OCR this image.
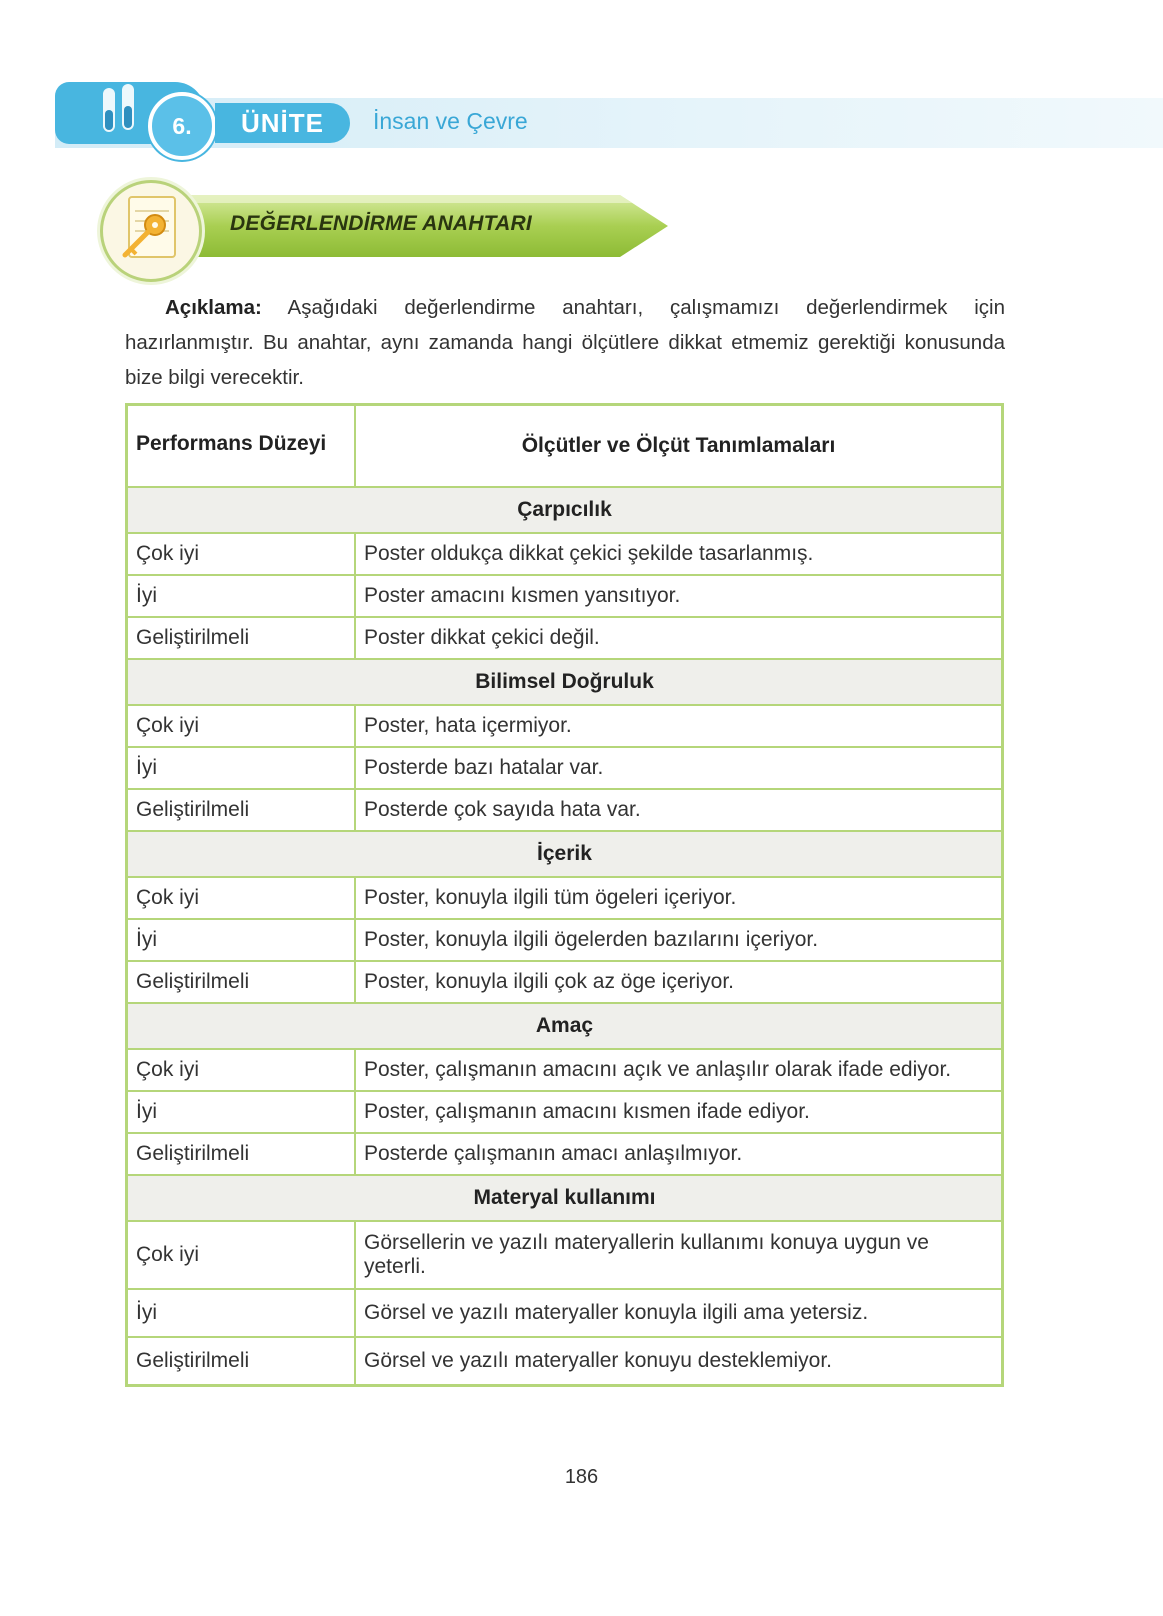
6.	ÜNİTE	İnsan ve Çevre
DEĞERLENDİRME ANAHTARI
Açıklama: Aşağıdaki değerlendirme anahtarı, çalışmamızı değerlendirmek için hazırlanmıştır. Bu anahtar, aynı zamanda hangi ölçütlere dikkat etmemiz gerektiği konusunda bize bilgi verecektir.
Performans Düzeyi	Ölçütler ve Ölçüt Tanımlamaları
Çarpıcılık	
Çok iyi	Poster oldukça dikkat çekici şekilde tasarlanmış.
İyi	Poster amacını kısmen yansıtıyor.
Geliştirilmeli	Poster dikkat çekici değil.
Bilimsel Doğruluk	
Çok iyi	Poster, hata içermiyor.
İyi	Posterde bazı hatalar var.
Geliştirilmeli	Posterde çok sayıda hata var.
İçerik	
Çok iyi	Poster, konuyla ilgili tüm ögeleri içeriyor.
İyi	Poster, konuyla ilgili ögelerden bazılarını içeriyor.
Geliştirilmeli	Poster, konuyla ilgili çok az öge içeriyor.
Amaç	
Çok iyi	Poster, çalışmanın amacını açık ve anlaşılır olarak ifade ediyor.
İyi	Poster, çalışmanın amacını kısmen ifade ediyor.
Geliştirilmeli	Posterde çalışmanın amacı anlaşılmıyor.
Materyal kullanımı	
Çok iyi	Görsellerin ve yazılı materyallerin kullanımı konuya uygun ve yeterli.
İyi	Görsel ve yazılı materyaller konuyla ilgili ama yetersiz.
Geliştirilmeli	Görsel ve yazılı materyaller konuyu desteklemiyor.
186
